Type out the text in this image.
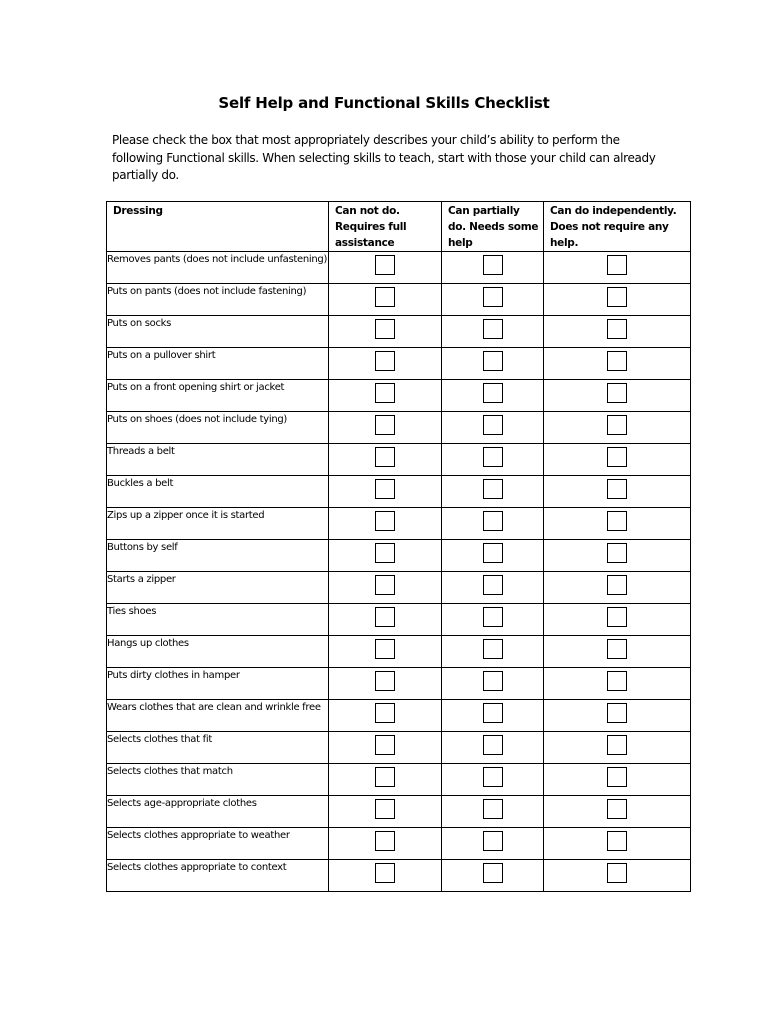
Self Help and Functional Skills Checklist
Please check the box that most appropriately describes your child’s ability to perform the following Functional skills. When selecting skills to teach, start with those your child can already partially do.
Dressing	Can not do. Requires full assistance	Can partially do. Needs some help	Can do independently. Does not require any help.
Removes pants (does not include unfastening)			
Puts on pants (does not include fastening)			
Puts on socks			
Puts on a pullover shirt			
Puts on a front opening shirt or jacket			
Puts on shoes (does not include tying)			
Threads a belt			
Buckles a belt			
Zips up a zipper once it is started			
Buttons by self			
Starts a zipper			
Ties shoes			
Hangs up clothes			
Puts dirty clothes in hamper			
Wears clothes that are clean and wrinkle free			
Selects clothes that fit			
Selects clothes that match			
Selects age-appropriate clothes			
Selects clothes appropriate to weather			
Selects clothes appropriate to context			
